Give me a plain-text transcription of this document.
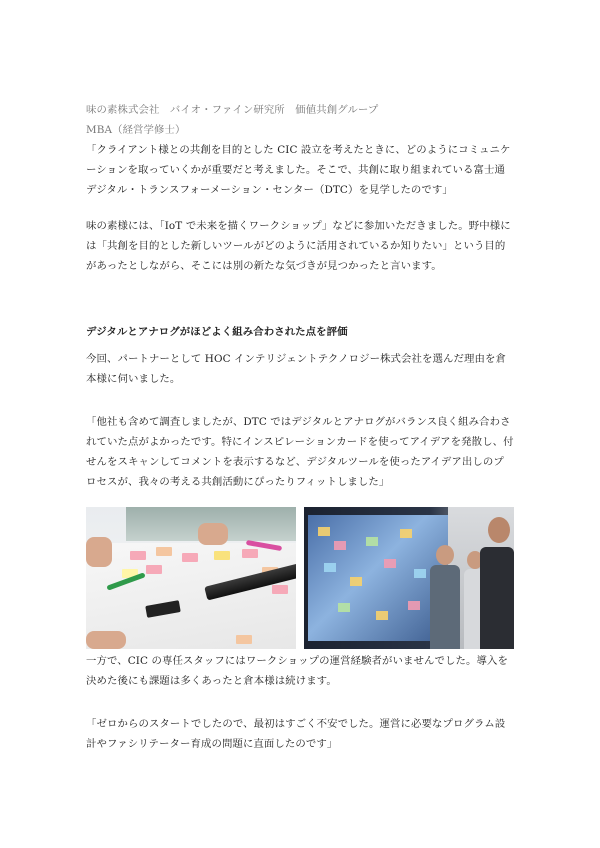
味の素株式会社　バイオ・ファイン研究所　価値共創グループ
MBA（経営学修士）
「クライアント様との共創を目的とした CIC 設立を考えたときに、どのようにコミュニケーションを取っていくかが重要だと考えました。そこで、共創に取り組まれている富士通デジタル・トランスフォーメーション・センター（DTC）を見学したのです」
味の素様には、「IoT で未来を描くワークショップ」などに参加いただきました。野中様には「共創を目的とした新しいツールがどのように活用されているか知りたい」という目的があったとしながら、そこには別の新たな気づきが見つかったと言います。
デジタルとアナログがほどよく組み合わされた点を評価
今回、パートナーとして HOC インテリジェントテクノロジー株式会社を選んだ理由を倉本様に伺いました。
「他社も含めて調査しましたが、DTC ではデジタルとアナログがバランス良く組み合わされていた点がよかったです。特にインスピレーションカードを使ってアイデアを発散し、付せんをスキャンしてコメントを表示するなど、デジタルツールを使ったアイデア出しのプロセスが、我々の考える共創活動にぴったりフィットしました」
一方で、CIC の専任スタッフにはワークショップの運営経験者がいませんでした。導入を決めた後にも課題は多くあったと倉本様は続けます。
「ゼロからのスタートでしたので、最初はすごく不安でした。運営に必要なプログラム設計やファシリテーター育成の問題に直面したのです」
